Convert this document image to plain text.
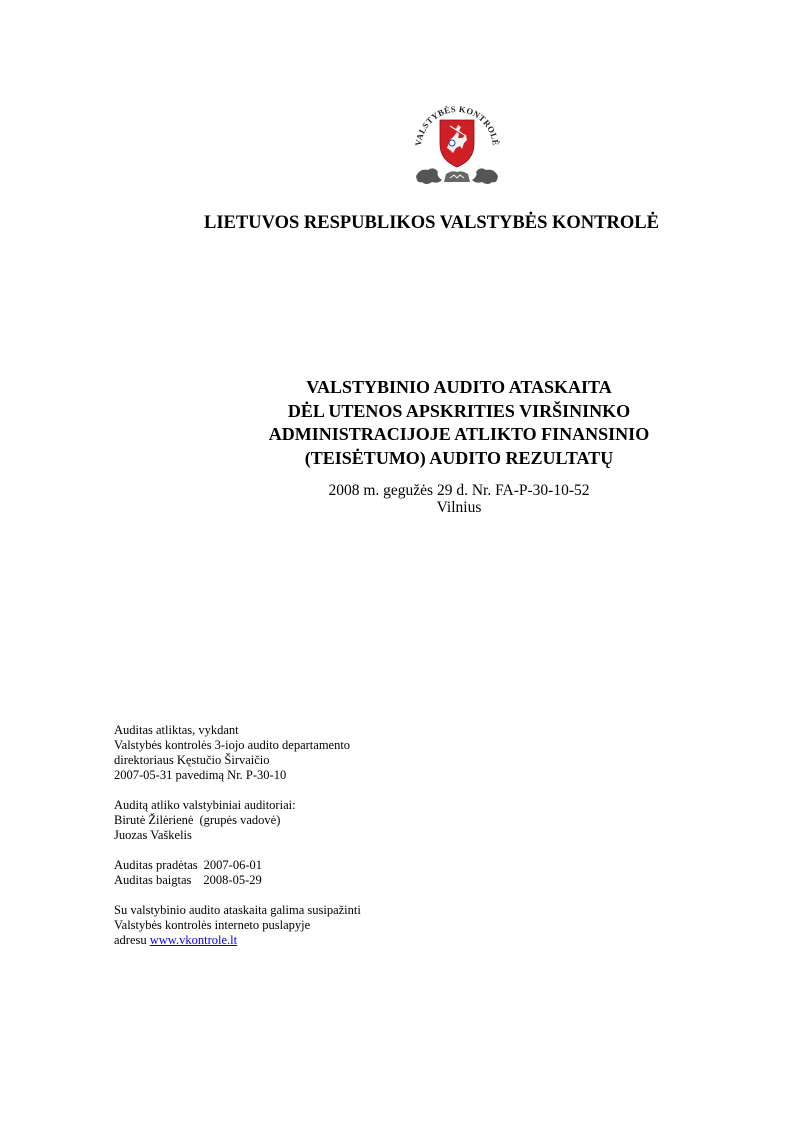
VALSTYBĖS KONTROLĖ
LIETUVOS RESPUBLIKOS VALSTYBĖS KONTROLĖ
VALSTYBINIO AUDITO ATASKAITA
DĖL UTENOS APSKRITIES VIRŠININKO
ADMINISTRACIJOJE ATLIKTO FINANSINIO
(TEISĖTUMO) AUDITO REZULTATŲ
2008 m. gegužės 29 d. Nr. FA-P-30-10-52
Vilnius
Auditas atliktas, vykdant
Valstybės kontrolės 3-iojo audito departamento
direktoriaus Kęstučio Širvaičio
2007-05-31 pavedimą Nr. P-30-10
Auditą atliko valstybiniai auditoriai:
Birutė Žilėrienė (grupės vadovė)
Juozas Vaškelis
Auditas pradėtas 2007-06-01
Auditas baigtas 2008-05-29
Su valstybinio audito ataskaita galima susipažinti
Valstybės kontrolės interneto puslapyje
adresu www.vkontrole.lt
